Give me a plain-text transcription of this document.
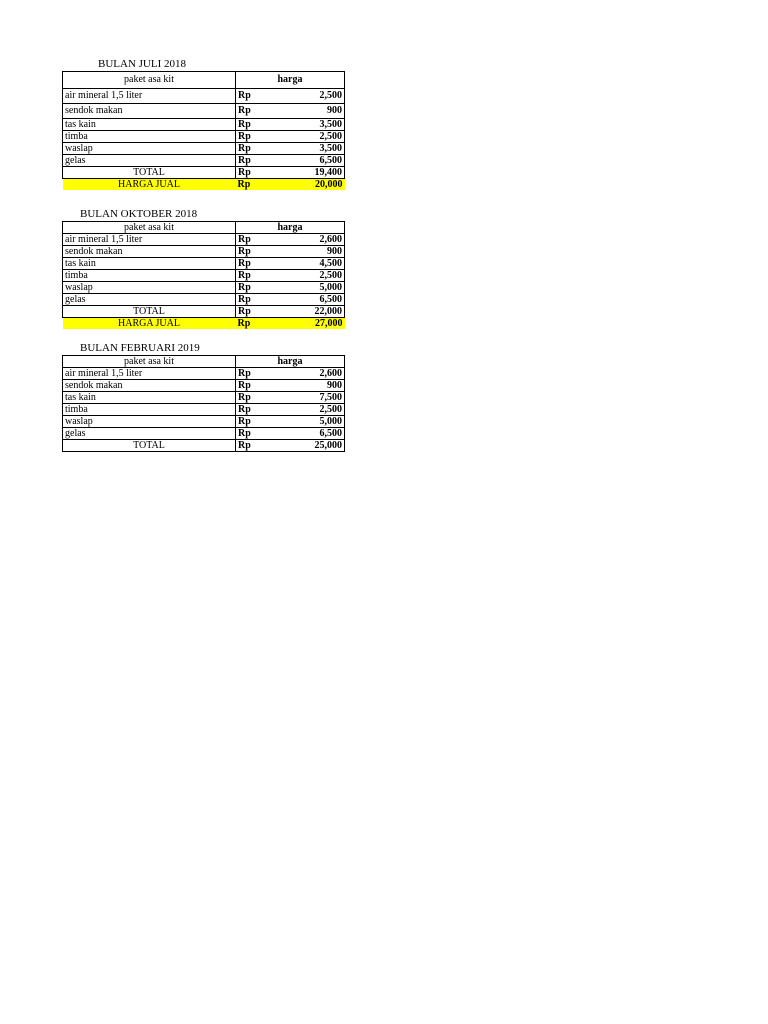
BULAN JULI 2018
paket asa kit	harga	
air mineral 1,5 liter	Rp	2,500
sendok makan	Rp	900
tas kain	Rp	3,500
timba	Rp	2,500
waslap	Rp	3,500
gelas	Rp	6,500
TOTAL	Rp	19,400
HARGA JUAL	Rp	20,000
BULAN OKTOBER 2018
paket asa kit	harga	
air mineral 1,5 liter	Rp	2,600
sendok makan	Rp	900
tas kain	Rp	4,500
timba	Rp	2,500
waslap	Rp	5,000
gelas	Rp	6,500
TOTAL	Rp	22,000
HARGA JUAL	Rp	27,000
BULAN FEBRUARI 2019
paket asa kit	harga	
air mineral 1,5 liter	Rp	2,600
sendok makan	Rp	900
tas kain	Rp	7,500
timba	Rp	2,500
waslap	Rp	5,000
gelas	Rp	6,500
TOTAL	Rp	25,000
